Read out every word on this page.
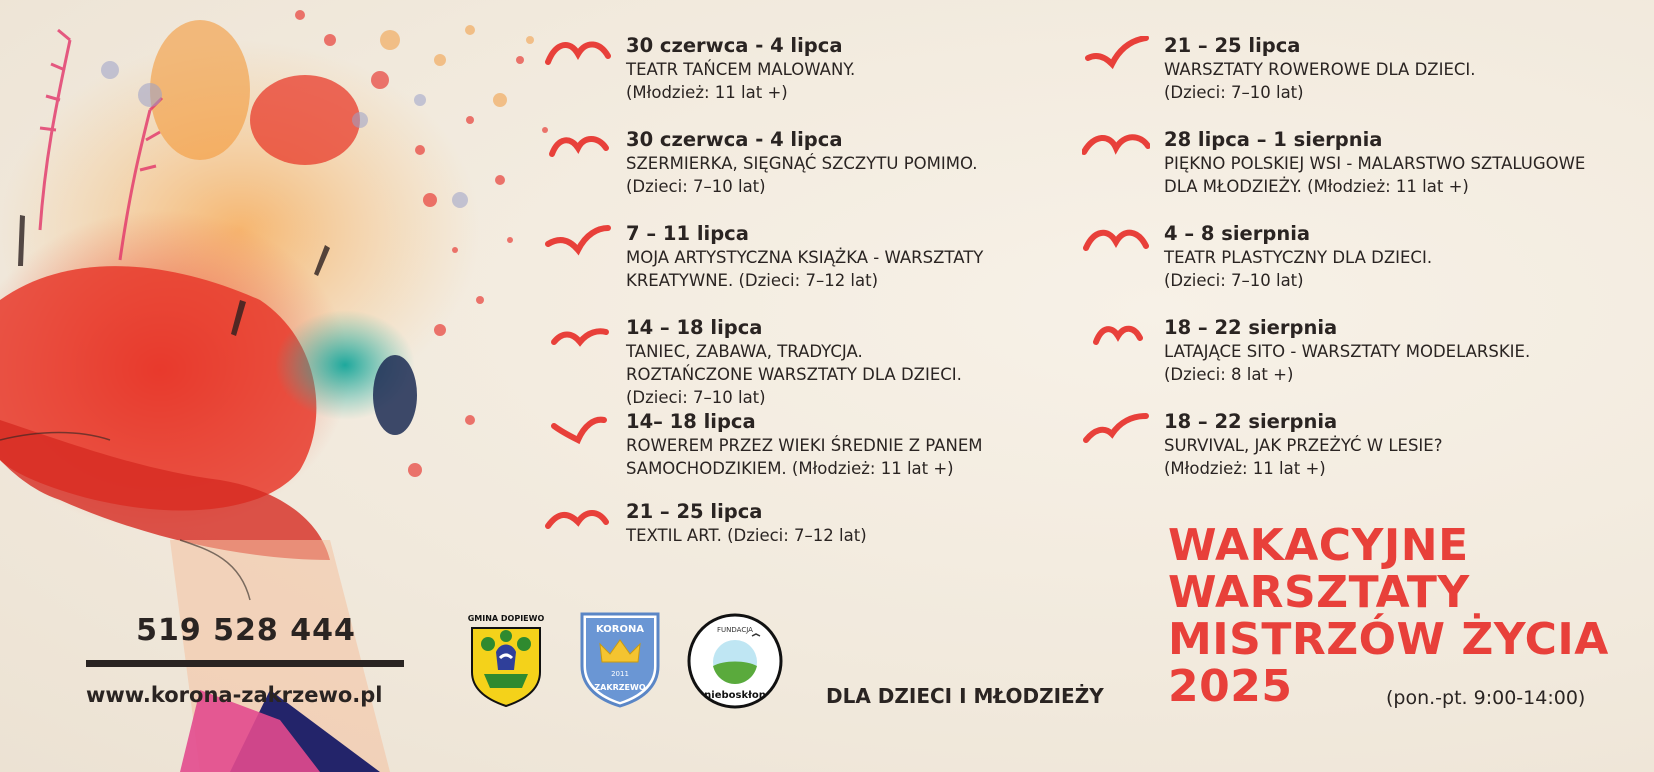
30 czerwca - 4 lipca
TEATR TAŃCEM MALOWANY.
(Młodzież: 11 lat +)
30 czerwca - 4 lipca
SZERMIERKA, SIĘGNĄĆ SZCZYTU POMIMO.
(Dzieci: 7–10 lat)
7 – 11 lipca
MOJA ARTYSTYCZNA KSIĄŻKA - WARSZTATY
KREATYWNE. (Dzieci: 7–12 lat)
14 – 18 lipca
TANIEC, ZABAWA, TRADYCJA.
ROZTAŃCZONE WARSZTATY DLA DZIECI.
(Dzieci: 7–10 lat)
14– 18 lipca
ROWEREM PRZEZ WIEKI ŚREDNIE Z PANEM
SAMOCHODZIKIEM. (Młodzież: 11 lat +)
21 – 25 lipca
TEXTIL ART. (Dzieci: 7–12 lat)
21 – 25 lipca
WARSZTATY ROWEROWE DLA DZIECI.
(Dzieci: 7–10 lat)
28 lipca – 1 sierpnia
PIĘKNO POLSKIEJ WSI - MALARSTWO SZTALUGOWE
DLA MŁODZIEŻY. (Młodzież: 11 lat +)
4 – 8 sierpnia
TEATR PLASTYCZNY DLA DZIECI.
(Dzieci: 7–10 lat)
18 – 22 sierpnia
LATAJĄCE SITO - WARSZTATY MODELARSKIE.
(Dzieci: 8 lat +)
18 – 22 sierpnia
SURVIVAL, JAK PRZEŻYĆ W LESIE?
(Młodzież: 11 lat +)
WAKACYJNE
WARSZTATY
MISTRZÓW ŻYCIA
2025	(pon.-pt. 9:00-14:00)
DLA DZIECI I MŁODZIEŻY
519 528 444
www.korona-zakrzewo.pl
GMINA DOPIEWO
KORONA
2011
ZAKRZEWO
FUNDACJA
nieboskłon
